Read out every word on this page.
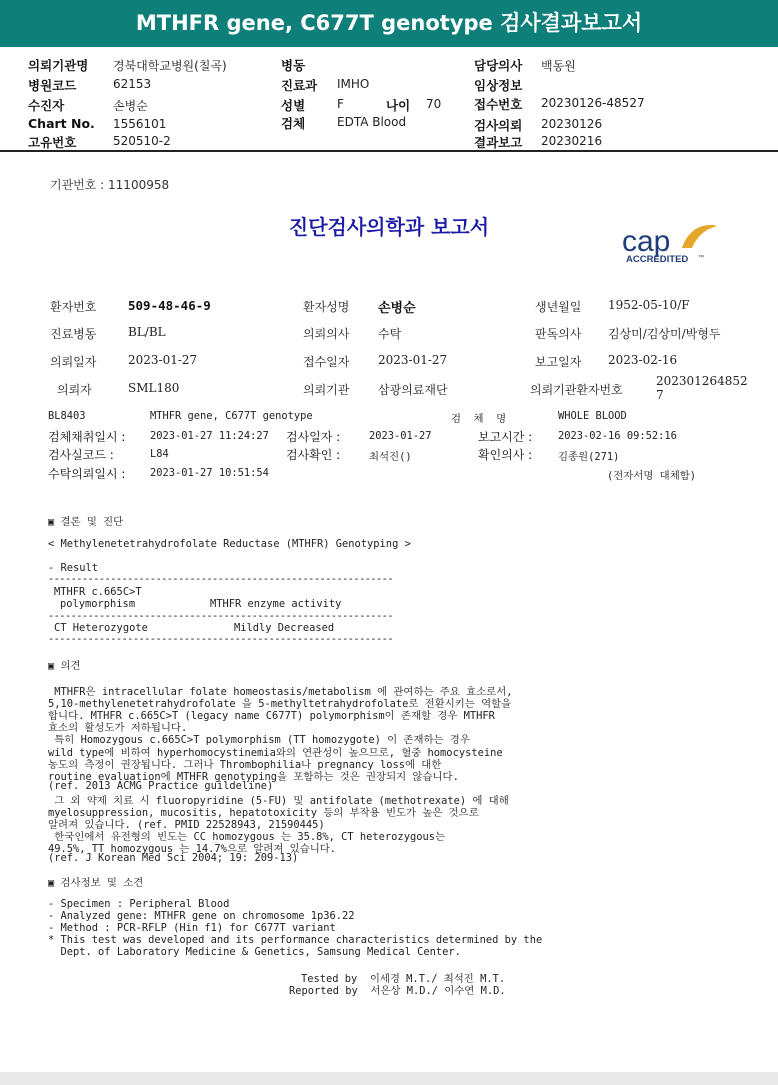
MTHFR gene, C677T genotype 검사결과보고서
의뢰기관명 경북대학교병원(칠곡)
병원코드	62153
수진자	손병순
Chart No. 1556101
고유번호	520510-2
병동
진료과 IMHO
성별	F	나이 70
검체	EDTA Blood
담당의사 백동원
임상정보
접수번호 20230126-48527
검사의뢰 20230126
결과보고 20230216
기관번호 : 11100958
진단검사의학과 보고서	cap
ACCREDITED ™
환자번호	509-48-46-9	환자성명 손병순	생년월일 1952-05-10/F
진료병동	BL/BL	의뢰의사 수탁	판독의사 김상미/김상미/박형두
의뢰일자	2023-01-27	접수일자 2023-01-27	보고일자 2023-02-16
의뢰자	SML180	의뢰기관 삼광의료재단	의뢰기관환자번호
202301264852
7
BL8403	MTHFR gene, C677T genotype	검  체  명	WHOLE BLOOD
검체채취일시 : 2023-01-27 11:24:27 검사일자 :	2023-01-27	보고시간 : 2023-02-16 09:52:16
검사실코드 :	L84	검사확인 :	최석진()	확인의사 : 김종원(271)
수탁의뢰일시 : 2023-01-27 10:51:54	(전자서명 대체함)
▣ 결론 및 진단
< Methylenetetrahydrofolate Reductase (MTHFR) Genotyping >
- Result
-------------------------------------------------------------
MTHFR c.665C>T
polymorphism	MTHFR enzyme activity
-------------------------------------------------------------
CT Heterozygote	Mildly Decreased
-------------------------------------------------------------
▣ 의견
MTHFR은 intracellular folate homeostasis/metabolism 에 관여하는 주요 효소로서,
5,10-methylenetetrahydrofolate 을 5-methyltetrahydrofolate로 전환시키는 역할을
합니다. MTHFR c.665C>T (legacy name C677T) polymorphism이 존재할 경우 MTHFR
효소의 활성도가 저하됩니다.
특히 Homozygous c.665C>T polymorphism (TT homozygote) 이 존재하는 경우
wild type에 비하여 hyperhomocystinemia와의 연관성이 높으므로, 혈중 homocysteine
농도의 측정이 권장됩니다. 그러나 Thrombophilia나 pregnancy loss에 대한
routine evaluation에 MTHFR genotyping을 포함하는 것은 권장되지 않습니다.
(ref. 2013 ACMG Practice guildeline)
그 외 약제 치료 시 fluoropyridine (5-FU) 및 antifolate (methotrexate) 에 대해
myelosuppression, mucositis, hepatotoxicity 등의 부작용 빈도가 높은 것으로
알려져 있습니다. (ref. PMID 22528943, 21590445)
한국인에서 유전형의 빈도는 CC homozygous 는 35.8%, CT heterozygous는
49.5%, TT homozygous 는 14.7%으로 알려져 있습니다.
(ref. J Korean Med Sci 2004; 19: 209-13)
▣ 검사정보 및 소견
- Specimen : Peripheral Blood
- Analyzed gene: MTHFR gene on chromosome 1p36.22
- Method : PCR-RFLP (Hin f1) for C677T variant
* This test was developed and its performance characteristics determined by the
Dept. of Laboratory Medicine & Genetics, Samsung Medical Center.
Tested by  이세경 M.T./ 최석진 M.T.
Reported by  서은상 M.D./ 이수연 M.D.
